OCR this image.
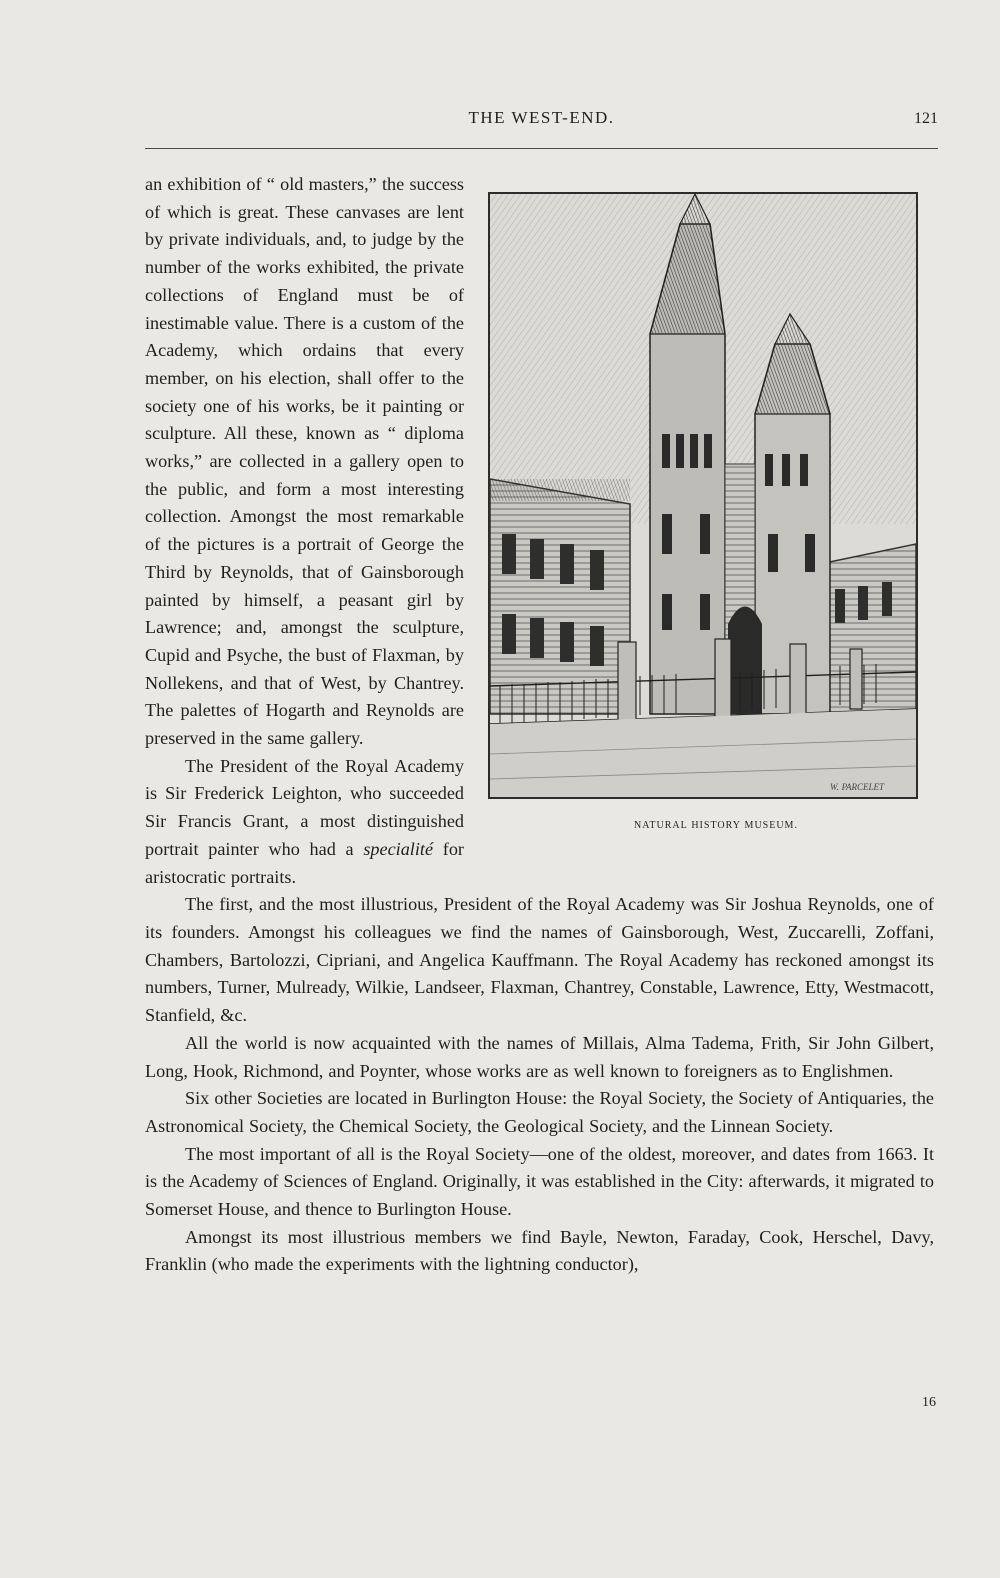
THE WEST-END.	121
W. PARCELET
NATURAL HISTORY MUSEUM.

an exhibition of “ old masters,” the success of which is great. These canvases are lent by private individuals, and, to judge by the number of the works exhibited, the private collections of England must be of inestimable value. There is a custom of the Academy, which ordains that every member, on his election, shall offer to the society one of his works, be it painting or sculpture. All these, known as “ diploma works,” are collected in a gallery open to the public, and form a most interesting collection. Amongst the most remarkable of the pictures is a portrait of George the Third by Reynolds, that of Gainsborough painted by himself, a peasant girl by Lawrence; and, amongst the sculpture, Cupid and Psyche, the bust of Flaxman, by Nollekens, and that of West, by Chantrey. The palettes of Hogarth and Reynolds are preserved in the same gallery.

The President of the Royal Academy is Sir Frederick Leighton, who succeeded Sir Francis Grant, a most distinguished portrait painter who had a specialité for aristocratic portraits.

The first, and the most illustrious, President of the Royal Academy was Sir Joshua Reynolds, one of its founders. Amongst his colleagues we find the names of Gainsborough, West, Zuccarelli, Zoffani, Chambers, Bartolozzi, Cipriani, and Angelica Kauffmann. The Royal Academy has reckoned amongst its numbers, Turner, Mulready, Wilkie, Landseer, Flaxman, Chantrey, Constable, Lawrence, Etty, Westmacott, Stanfield, &c.

All the world is now acquainted with the names of Millais, Alma Tadema, Frith, Sir John Gilbert, Long, Hook, Richmond, and Poynter, whose works are as well known to foreigners as to Englishmen.

Six other Societies are located in Burlington House: the Royal Society, the Society of Antiquaries, the Astronomical Society, the Chemical Society, the Geological Society, and the Linnean Society.

The most important of all is the Royal Society—one of the oldest, moreover, and dates from 1663. It is the Academy of Sciences of England. Originally, it was established in the City: afterwards, it migrated to Somerset House, and thence to Burlington House.

Amongst its most illustrious members we find Bayle, Newton, Faraday, Cook, Herschel, Davy, Franklin (who made the experiments with the lightning conductor),

16
